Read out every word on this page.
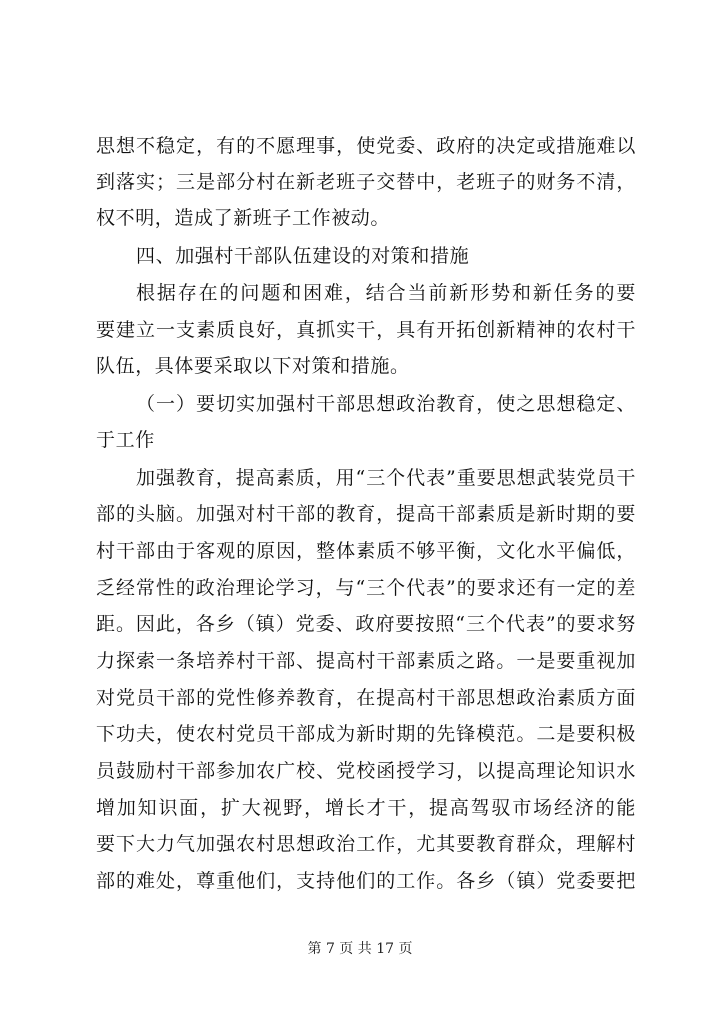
思想不稳定，有的不愿理事，使党委、政府的决定或措施难以
到落实；三是部分村在新老班子交替中，老班子的财务不清，
权不明，造成了新班子工作被动。
四、加强村干部队伍建设的对策和措施
根据存在的问题和困难，结合当前新形势和新任务的要
要建立一支素质良好，真抓实干，具有开拓创新精神的农村干
队伍，具体要采取以下对策和措施。
（一）要切实加强村干部思想政治教育，使之思想稳定、
于工作
加强教育，提高素质，用“三个代表”重要思想武装党员干
部的头脑。加强对村干部的教育，提高干部素质是新时期的要
村干部由于客观的原因，整体素质不够平衡，文化水平偏低，
乏经常性的政治理论学习，与“三个代表”的要求还有一定的差
距。因此，各乡（镇）党委、政府要按照“三个代表”的要求努
力探索一条培养村干部、提高村干部素质之路。一是要重视加
对党员干部的党性修养教育，在提高村干部思想政治素质方面
下功夫，使农村党员干部成为新时期的先锋模范。二是要积极
员鼓励村干部参加农广校、党校函授学习，以提高理论知识水
增加知识面，扩大视野，增长才干，提高驾驭市场经济的能
要下大力气加强农村思想政治工作，尤其要教育群众，理解村
部的难处，尊重他们，支持他们的工作。各乡（镇）党委要把
第 7 页 共 17 页
